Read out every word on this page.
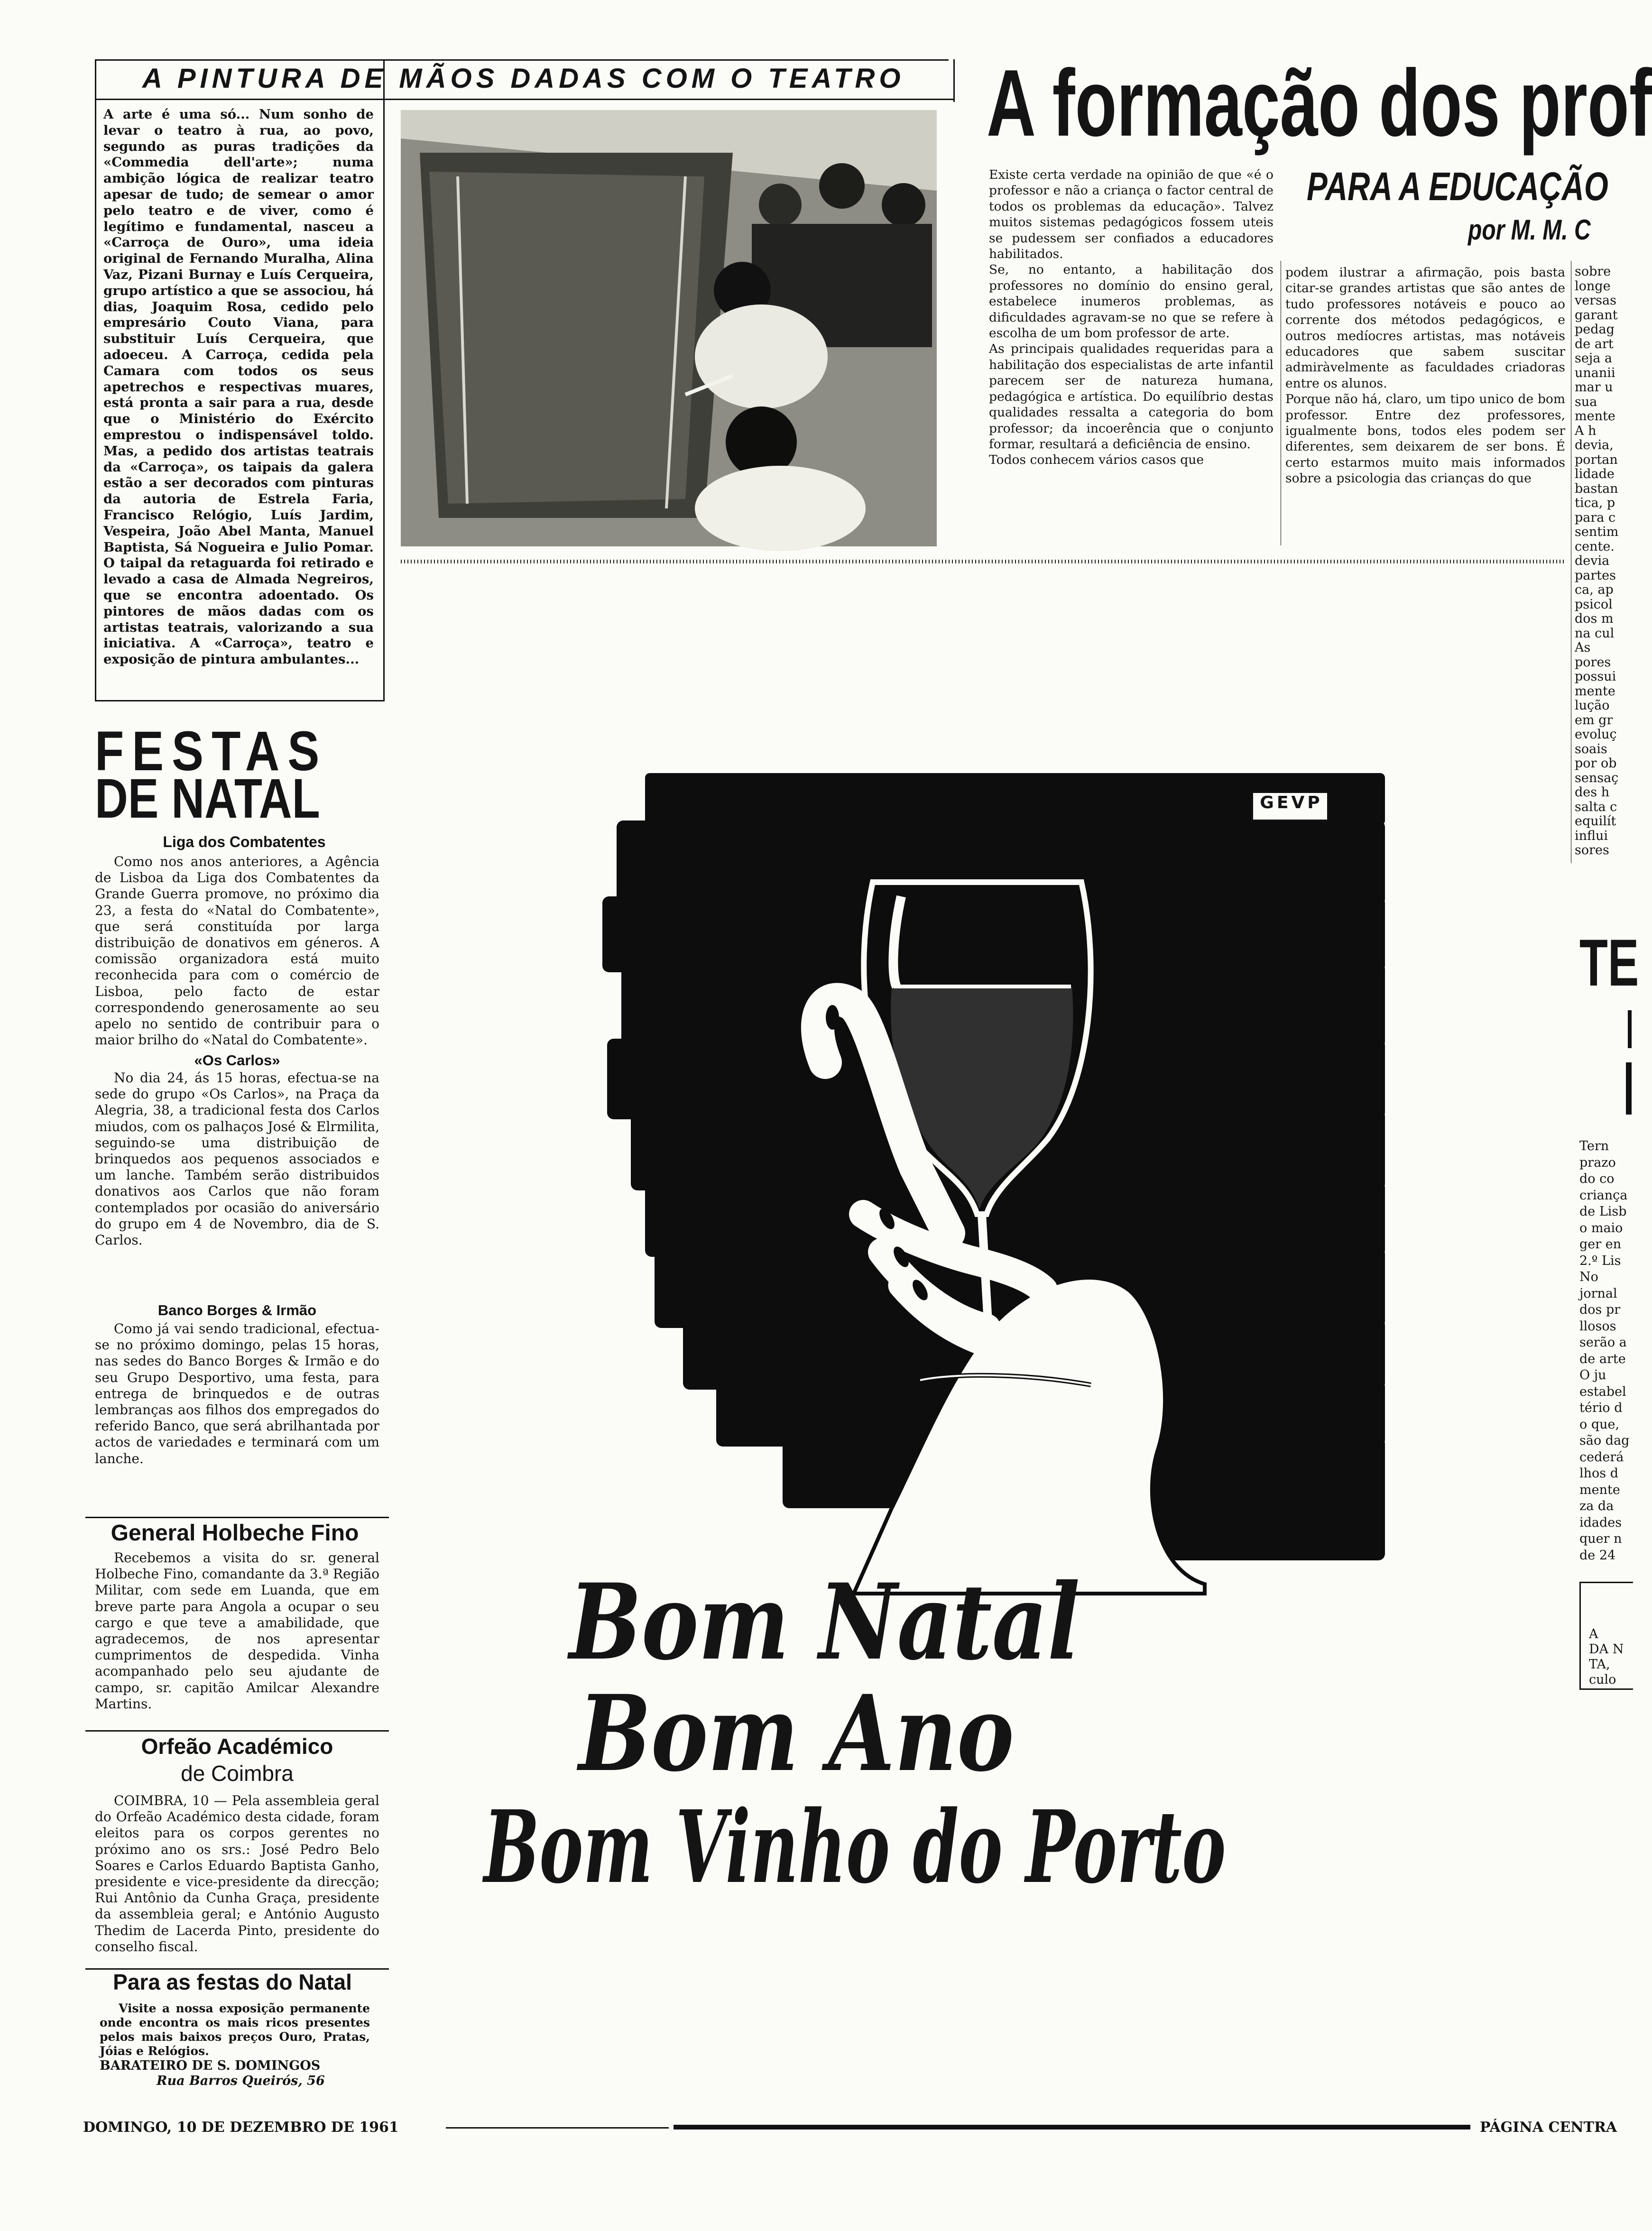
A PINTURA DE MÃOS DADAS COM O TEATRO

A arte é uma só... Num sonho de levar o teatro à rua, ao povo, segundo as puras tradições da «Commedia dell'arte»; numa ambição lógica de realizar teatro apesar de tudo; de semear o amor pelo teatro e de viver, como é legítimo e fundamental, nasceu a «Carroça de Ouro», uma ideia original de Fernando Muralha, Alina Vaz, Pizani Burnay e Luís Cerqueira, grupo artístico a que se associou, há dias, Joaquim Rosa, cedido pelo empresário Couto Viana, para substituir Luís Cerqueira, que adoeceu. A Carroça, cedida pela Camara com todos os seus apetrechos e respectivas muares, está pronta a sair para a rua, desde que o Ministério do Exército emprestou o indispensável toldo. Mas, a pedido dos artistas teatrais da «Carroça», os taipais da galera estão a ser decorados com pinturas da autoria de Estrela Faria, Francisco Relógio, Luís Jardim, Vespeira, João Abel Manta, Manuel Baptista, Sá Nogueira e Julio Pomar. O taipal da retaguarda foi retirado e levado a casa de Almada Negreiros, que se encontra adoentado. Os pintores de mãos dadas com os artistas teatrais, valorizando a sua iniciativa. A «Carroça», teatro e exposição de pintura ambulantes...

A formação dos prof
PARA A EDUCAÇÃO
por M. M. C

Existe certa verdade na opinião de que «é o professor e não a criança o factor central de todos os problemas da educação». Talvez muitos sistemas pedagógicos fossem uteis se pudessem ser confiados a educadores habilitados.
Se, no entanto, a habilitação dos professores no domínio do ensino geral, estabelece inumeros problemas, as dificuldades agravam-se no que se refere à escolha de um bom professor de arte.
As principais qualidades requeridas para a habilitação dos especialistas de arte infantil parecem ser de natureza humana, pedagógica e artística. Do equilíbrio destas qualidades ressalta a categoria do bom professor; da incoerência que o conjunto formar, resultará a deficiência de ensino.
Todos conhecem vários casos que

podem ilustrar a afirmação, pois basta citar-se grandes artistas que são antes de tudo professores notáveis e pouco ao corrente dos métodos pedagógicos, e outros medíocres artistas, mas notáveis educadores que sabem suscitar admiràvelmente as faculdades criadoras entre os alunos.
Porque não há, claro, um tipo unico de bom professor. Entre dez professores, igualmente bons, todos eles podem ser diferentes, sem deixarem de ser bons. É certo estarmos muito mais informados sobre a psicologia das crianças do que

sobre
longe
versas
garant
pedag
de art
seja a
unanii
mar u
sua
mente
A h
devia,
portan
lidade
bastan
tica, p
para c
sentim
cente.
devia
partes
ca, ap
psicol
dos m
na cul
As
pores
possui
mente
lução
em gr
evoluç
soais
por ob
sensaç
des h
salta c
equilít
influi
sores
TE
Tern
prazo
do co
criança
de Lisb
o maio
ger en
2.º Lis
No
jornal
dos pr
llosos
serão a
de arte
O ju
estabel
tério d
o que,
são dag
cederá
lhos d
mente
za da
idades
quer n
de 24
A
DA N
TA,
culo
FESTAS
DE NATAL
Liga dos Combatentes

Como nos anos anteriores, a Agência de Lisboa da Liga dos Combatentes da Grande Guerra promove, no próximo dia 23, a festa do «Natal do Combatente», que será constituída por larga distribuição de donativos em géneros. A comissão organizadora está muito reconhecida para com o comércio de Lisboa, pelo facto de estar correspondendo generosamente ao seu apelo no sentido de contribuir para o maior brilho do «Natal do Combatente».

«Os Carlos»

No dia 24, ás 15 horas, efectua-se na sede do grupo «Os Carlos», na Praça da Alegria, 38, a tradicional festa dos Carlos miudos, com os palhaços José & Elrmilita, seguindo-se uma distribuição de brinquedos aos pequenos associados e um lanche. Também serão distribuidos donativos aos Carlos que não foram contemplados por ocasião do aniversário do grupo em 4 de Novembro, dia de S. Carlos.

Banco Borges & Irmão

Como já vai sendo tradicional, efectua-se no próximo domingo, pelas 15 horas, nas sedes do Banco Borges & Irmão e do seu Grupo Desportivo, uma festa, para entrega de brinquedos e de outras lembranças aos filhos dos empregados do referido Banco, que será abrilhantada por actos de variedades e terminará com um lanche.

General Holbeche Fino

Recebemos a visita do sr. general Holbeche Fino, comandante da 3.ª Região Militar, com sede em Luanda, que em breve parte para Angola a ocupar o seu cargo e que teve a amabilidade, que agradecemos, de nos apresentar cumprimentos de despedida. Vinha acompanhado pelo seu ajudante de campo, sr. capitão Amilcar Alexandre Martins.

Orfeão Académico
de Coimbra

COIMBRA, 10 — Pela assembleia geral do Orfeão Académico desta cidade, foram eleitos para os corpos gerentes no próximo ano os srs.: José Pedro Belo Soares e Carlos Eduardo Baptista Ganho, presidente e vice-presidente da direcção; Rui Antônio da Cunha Graça, presidente da assembleia geral; e António Augusto Thedim de Lacerda Pinto, presidente do conselho fiscal.

Para as festas do Natal

Visite a nossa exposição permanente onde encontra os mais ricos presentes pelos mais baixos preços Ouro, Pratas, Jóias e Relógios.

BARATEIRO DE S. DOMINGOS
Rua Barros Queirós, 56
GEVP
Bom Natal
Bom Ano
Bom Vinho do Porto
DOMINGO, 10 DE DEZEMBRO DE 1961	PÁGINA CENTRA
